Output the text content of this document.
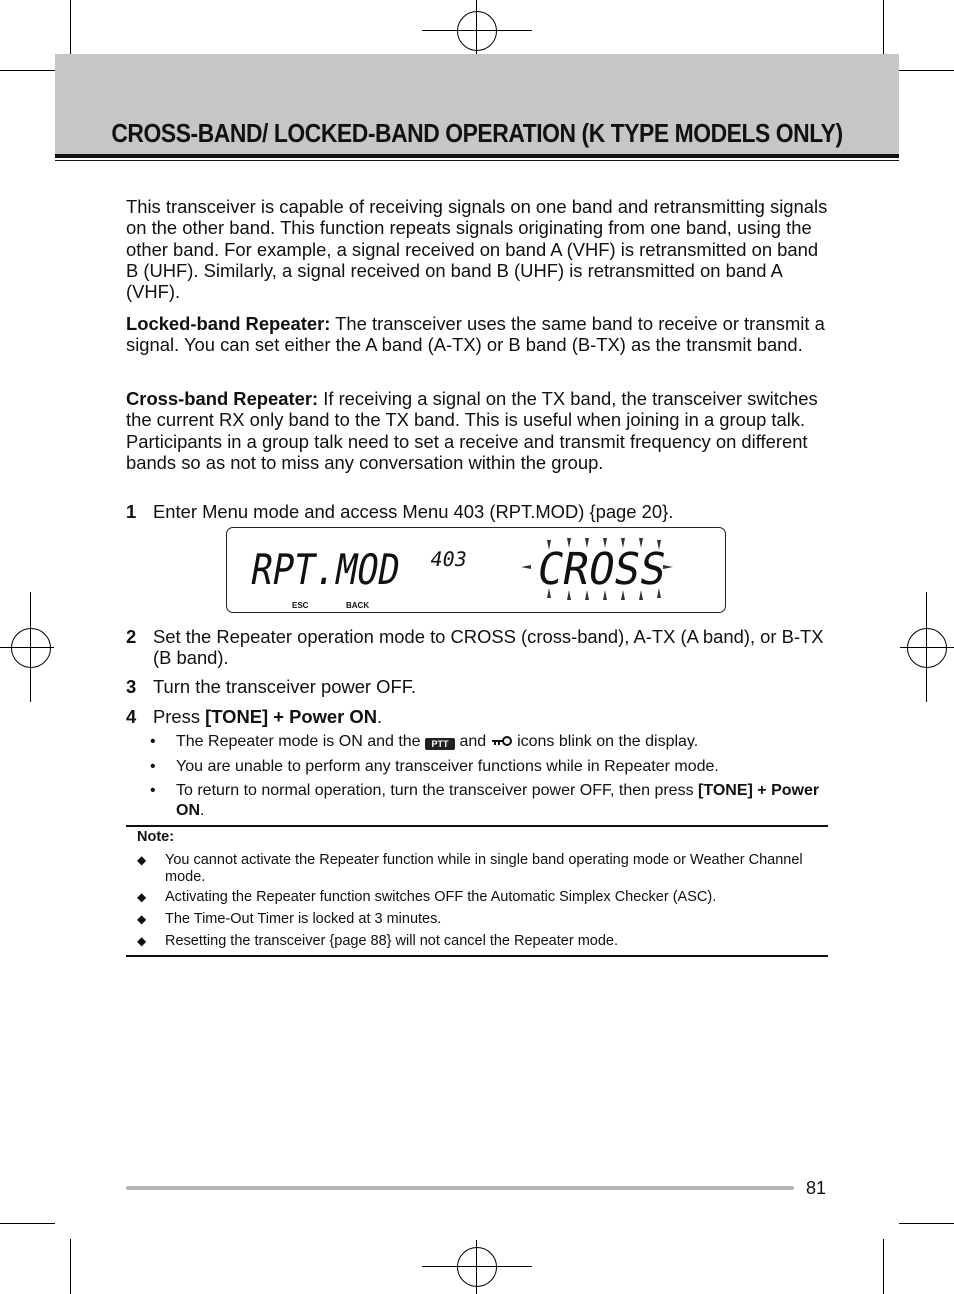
CROSS-BAND/ LOCKED-BAND OPERATION (K TYPE MODELS ONLY)

This transceiver is capable of receiving signals on one band and retransmitting signals on the other band. This function repeats signals originating from one band, using the other band. For example, a signal received on band A (VHF) is retransmitted on band B (UHF). Similarly, a signal received on band B (UHF) is retransmitted on band A (VHF).

Locked-band Repeater: The transceiver uses the same band to receive or transmit a signal. You can set either the A band (A-TX) or B band (B-TX) as the transmit band.

Cross-band Repeater: If receiving a signal on the TX band, the transceiver switches the current RX only band to the TX band. This is useful when joining in a group talk. Participants in a group talk need to set a receive and transmit frequency on different bands so as not to miss any conversation within the group.

1 Enter Menu mode and access Menu 403 (RPT.MOD) {page 20}.
RPT.MOD
403 CROSS
ESC	BACK
2 Set the Repeater operation mode to CROSS (cross-band), A-TX (A band), or B-TX (B band).
3 Turn the transceiver power OFF.
4 Press [TONE] + Power ON.
• The Repeater mode is ON and the PTT and  icons blink on the display.
• You are unable to perform any transceiver functions while in Repeater mode.
• To return to normal operation, turn the transceiver power OFF, then press [TONE] + Power ON.
Note:
◆ You cannot activate the Repeater function while in single band operating mode or Weather Channel mode.
◆ Activating the Repeater function switches OFF the Automatic Simplex Checker (ASC).
◆ The Time-Out Timer is locked at 3 minutes.
◆ Resetting the transceiver {page 88} will not cancel the Repeater mode.
81
